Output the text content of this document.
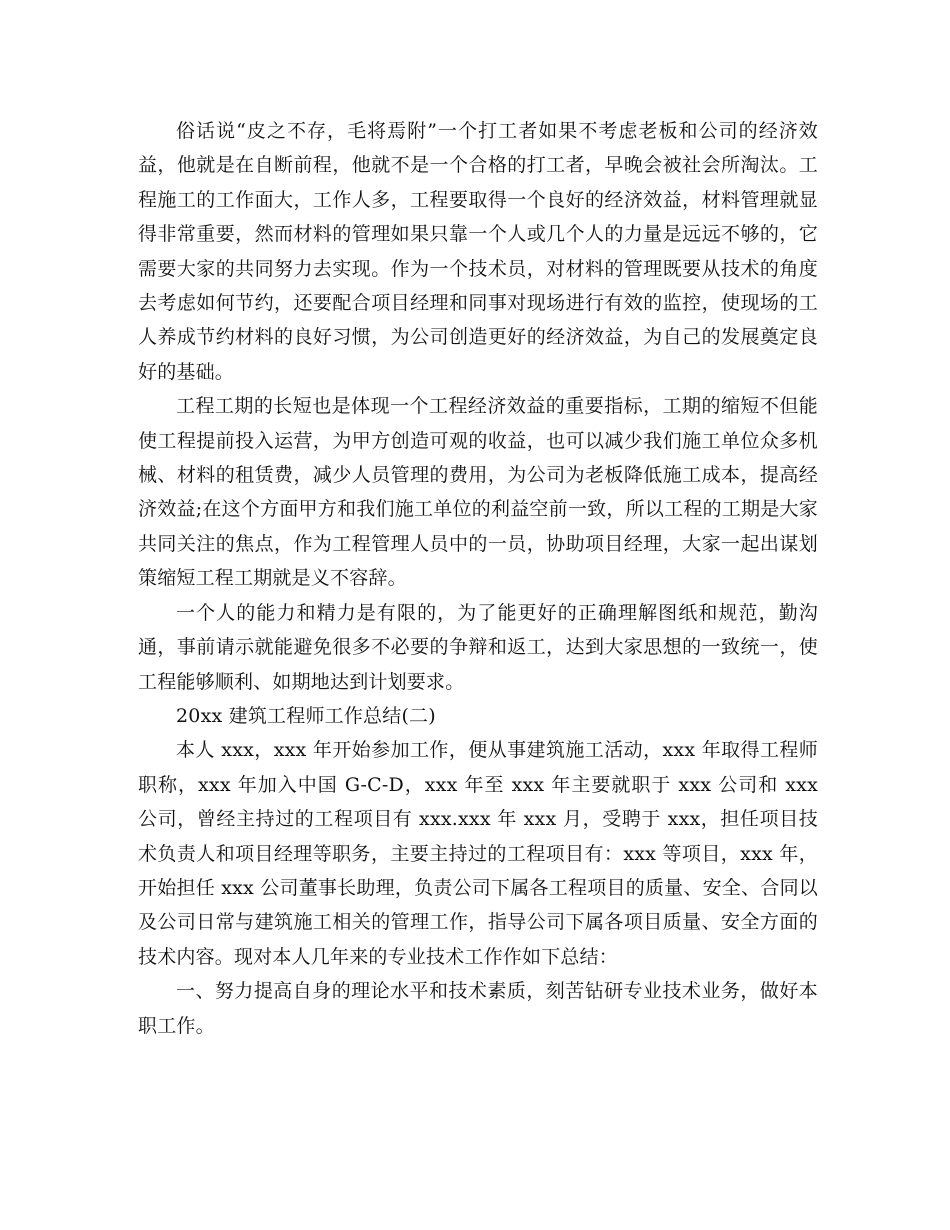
俗话说“皮之不存，毛将焉附”一个打工者如果不考虑老板和公司的经济效益，他就是在自断前程，他就不是一个合格的打工者，早晚会被社会所淘汰。工程施工的工作面大，工作人多，工程要取得一个良好的经济效益，材料管理就显得非常重要，然而材料的管理如果只靠一个人或几个人的力量是远远不够的，它需要大家的共同努力去实现。作为一个技术员，对材料的管理既要从技术的角度去考虑如何节约，还要配合项目经理和同事对现场进行有效的监控，使现场的工人养成节约材料的良好习惯，为公司创造更好的经济效益，为自己的发展奠定良好的基础。

工程工期的长短也是体现一个工程经济效益的重要指标，工期的缩短不但能使工程提前投入运营，为甲方创造可观的收益，也可以减少我们施工单位众多机械、材料的租赁费，减少人员管理的费用，为公司为老板降低施工成本，提高经济效益;在这个方面甲方和我们施工单位的利益空前一致，所以工程的工期是大家共同关注的焦点，作为工程管理人员中的一员，协助项目经理，大家一起出谋划策缩短工程工期就是义不容辞。

一个人的能力和精力是有限的，为了能更好的正确理解图纸和规范，勤沟通，事前请示就能避免很多不必要的争辩和返工，达到大家思想的一致统一，使工程能够顺利、如期地达到计划要求。

20xx 建筑工程师工作总结(二)

本人 xxx，xxx 年开始参加工作，便从事建筑施工活动，xxx 年取得工程师职称，xxx 年加入中国 G-C-D，xxx 年至 xxx 年主要就职于 xxx 公司和 xxx 公司，曾经主持过的工程项目有 xxx.xxx 年 xxx 月，受聘于 xxx，担任项目技术负责人和项目经理等职务，主要主持过的工程项目有：xxx 等项目，xxx 年，开始担任 xxx 公司董事长助理，负责公司下属各工程项目的质量、安全、合同以及公司日常与建筑施工相关的管理工作，指导公司下属各项目质量、安全方面的技术内容。现对本人几年来的专业技术工作作如下总结：

一、努力提高自身的理论水平和技术素质，刻苦钻研专业技术业务，做好本职工作。
